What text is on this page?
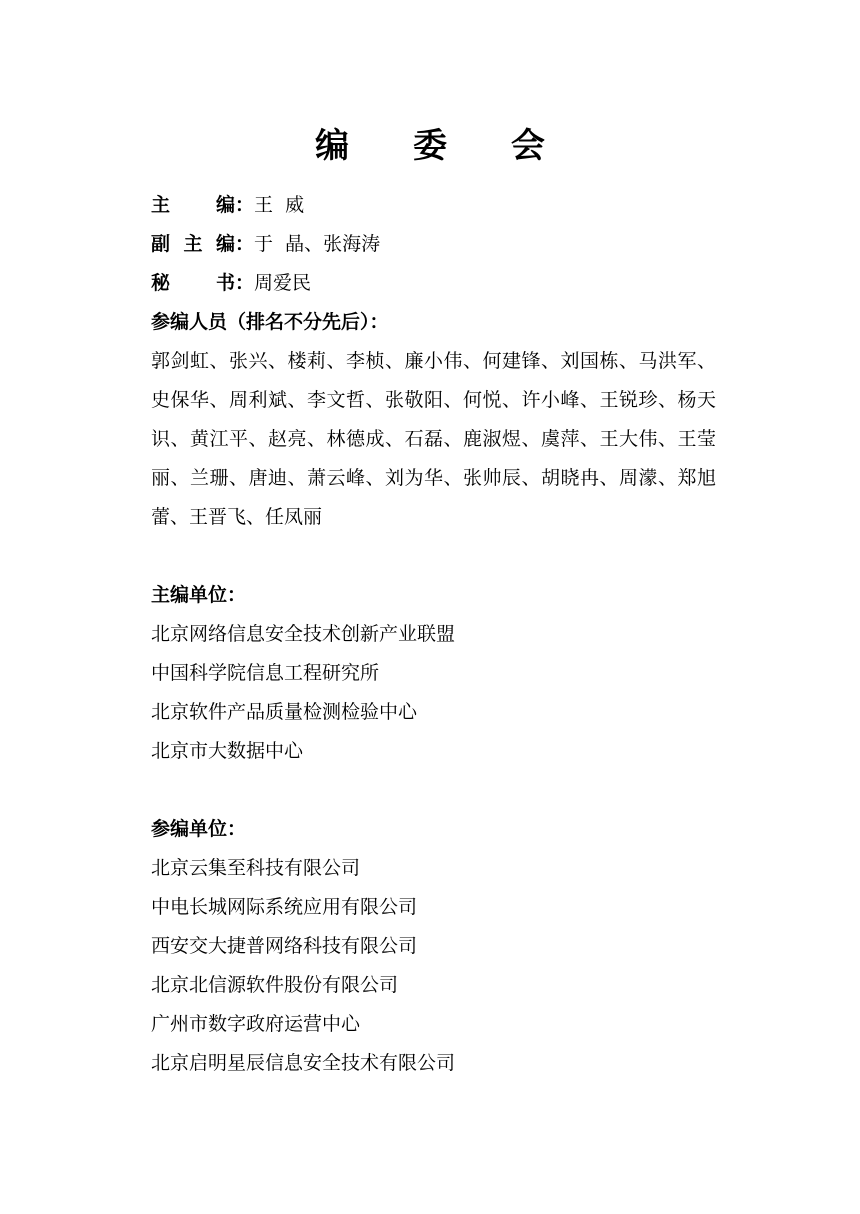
编 委 会
主编：王  威
副主编：于  晶、张海涛
秘书：周爱民
参编人员（排名不分先后）：
郭剑虹、张兴、楼莉、李桢、廉小伟、何建锋、刘国栋、马洪军、史保华、周利斌、李文哲、张敬阳、何悦、许小峰、王锐珍、杨天识、黄江平、赵亮、林德成、石磊、鹿淑煜、虞萍、王大伟、王莹丽、兰珊、唐迪、萧云峰、刘为华、张帅辰、胡晓冉、周濛、郑旭蕾、王晋飞、任凤丽
主编单位：
北京网络信息安全技术创新产业联盟
中国科学院信息工程研究所
北京软件产品质量检测检验中心
北京市大数据中心
参编单位：
北京云集至科技有限公司
中电长城网际系统应用有限公司
西安交大捷普网络科技有限公司
北京北信源软件股份有限公司
广州市数字政府运营中心
北京启明星辰信息安全技术有限公司
